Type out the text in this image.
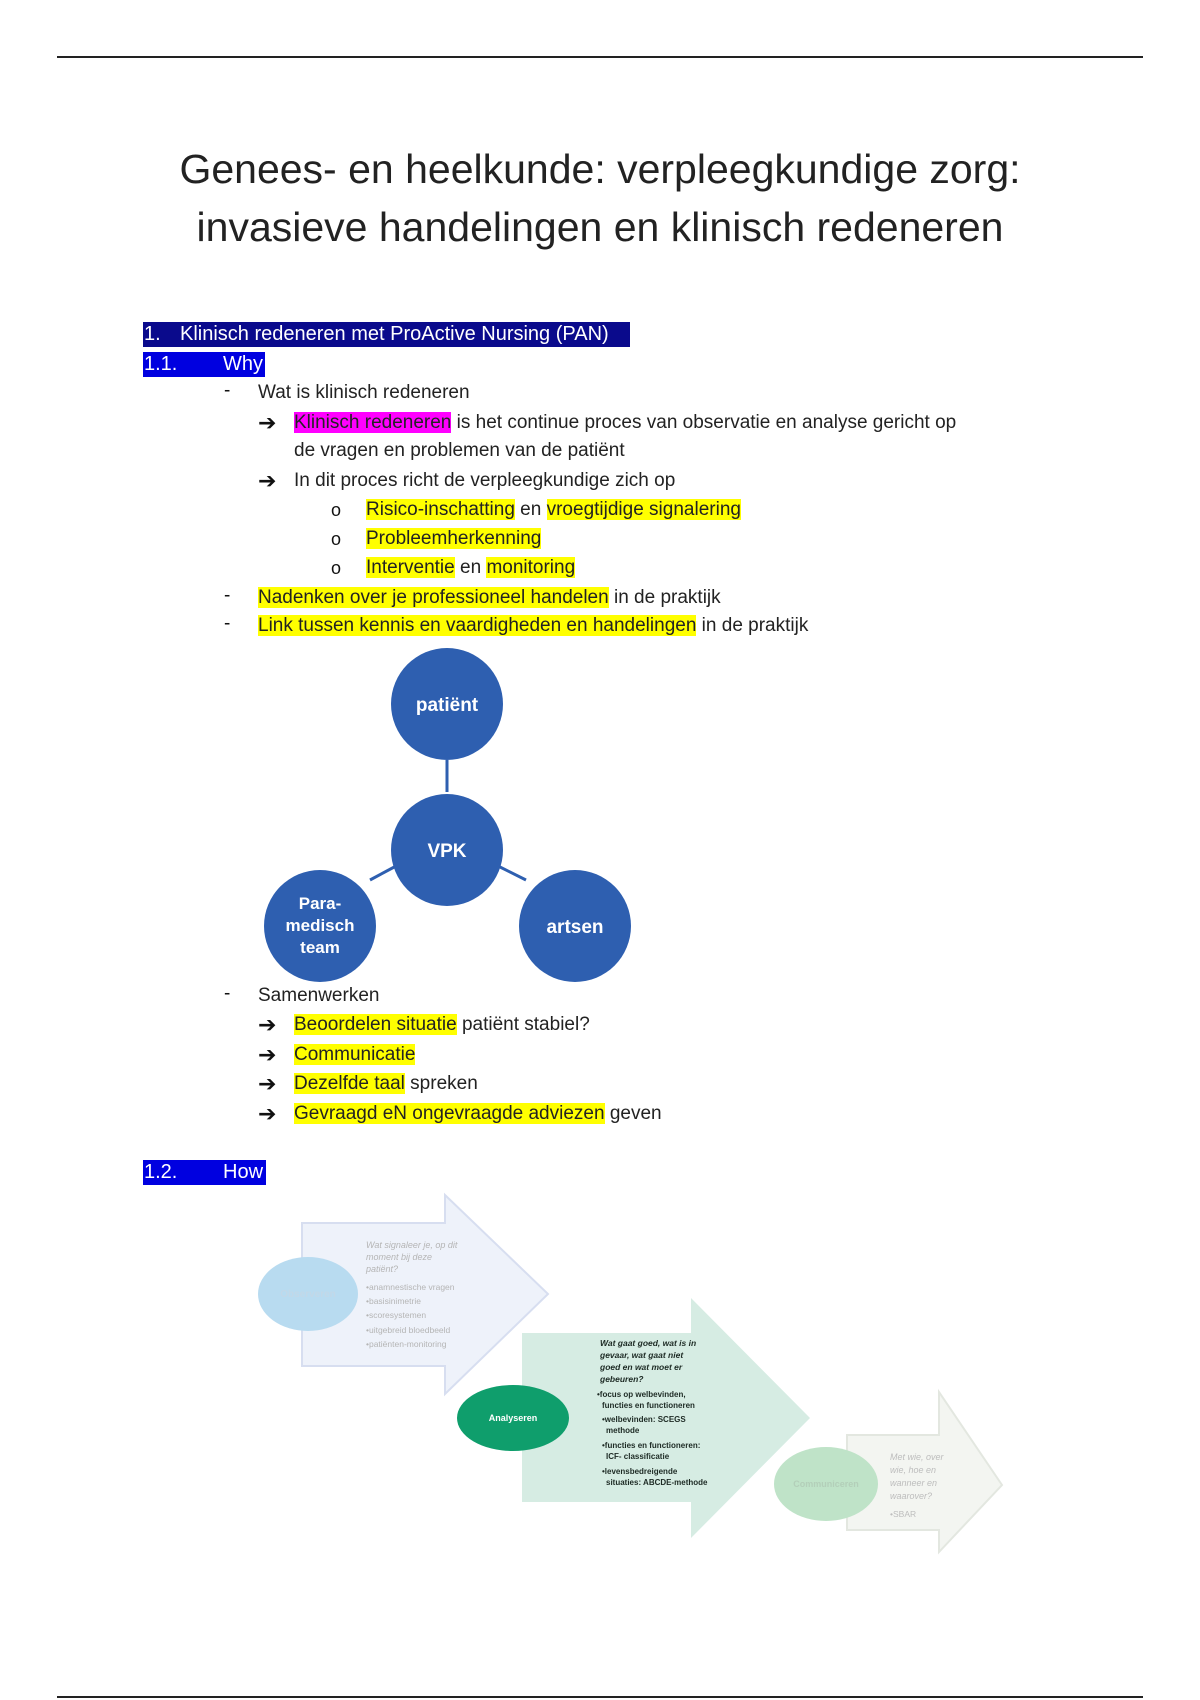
Genees- en heelkunde: verpleegkundige zorg:
invasieve handelingen en klinisch redeneren
1. Klinisch redeneren met ProActive Nursing (PAN)
1.1. Why
- Wat is klinisch redeneren
➔ Klinisch redeneren is het continue proces van observatie en analyse gericht op
de vragen en problemen van de patiënt
➔ In dit proces richt de verpleegkundige zich op
o Risico-inschatting en vroegtijdige signalering
o Probleemherkenning
o Interventie en monitoring
- Nadenken over je professioneel handelen in de praktijk
- Link tussen kennis en vaardigheden en handelingen in de praktijk
patiënt
VPK
Para-
medisch
team
artsen
- Samenwerken
➔ Beoordelen situatie patiënt stabiel?
➔ Communicatie
➔ Dezelfde taal spreken
➔ Gevraagd eN ongevraagde adviezen geven
1.2. How
Observeren
Wat signaleer je, op dit
moment bij deze
patiënt?
•anamnestische vragen
•basisinimetrie
•scoresystemen
•uitgebreid bloedbeeld
•patiënten-monitoring
Analyseren
Wat gaat goed, wat is in
gevaar, wat gaat niet
goed en wat moet er
gebeuren?
•focus op welbevinden,
functies en functioneren
•welbevinden: SCEGS
methode
•functies en functioneren:
ICF- classificatie
•levensbedreigende
situaties: ABCDE-methode	Communiceren
Met wie, over
wie, hoe en
wanneer en
waarover?
•SBAR
